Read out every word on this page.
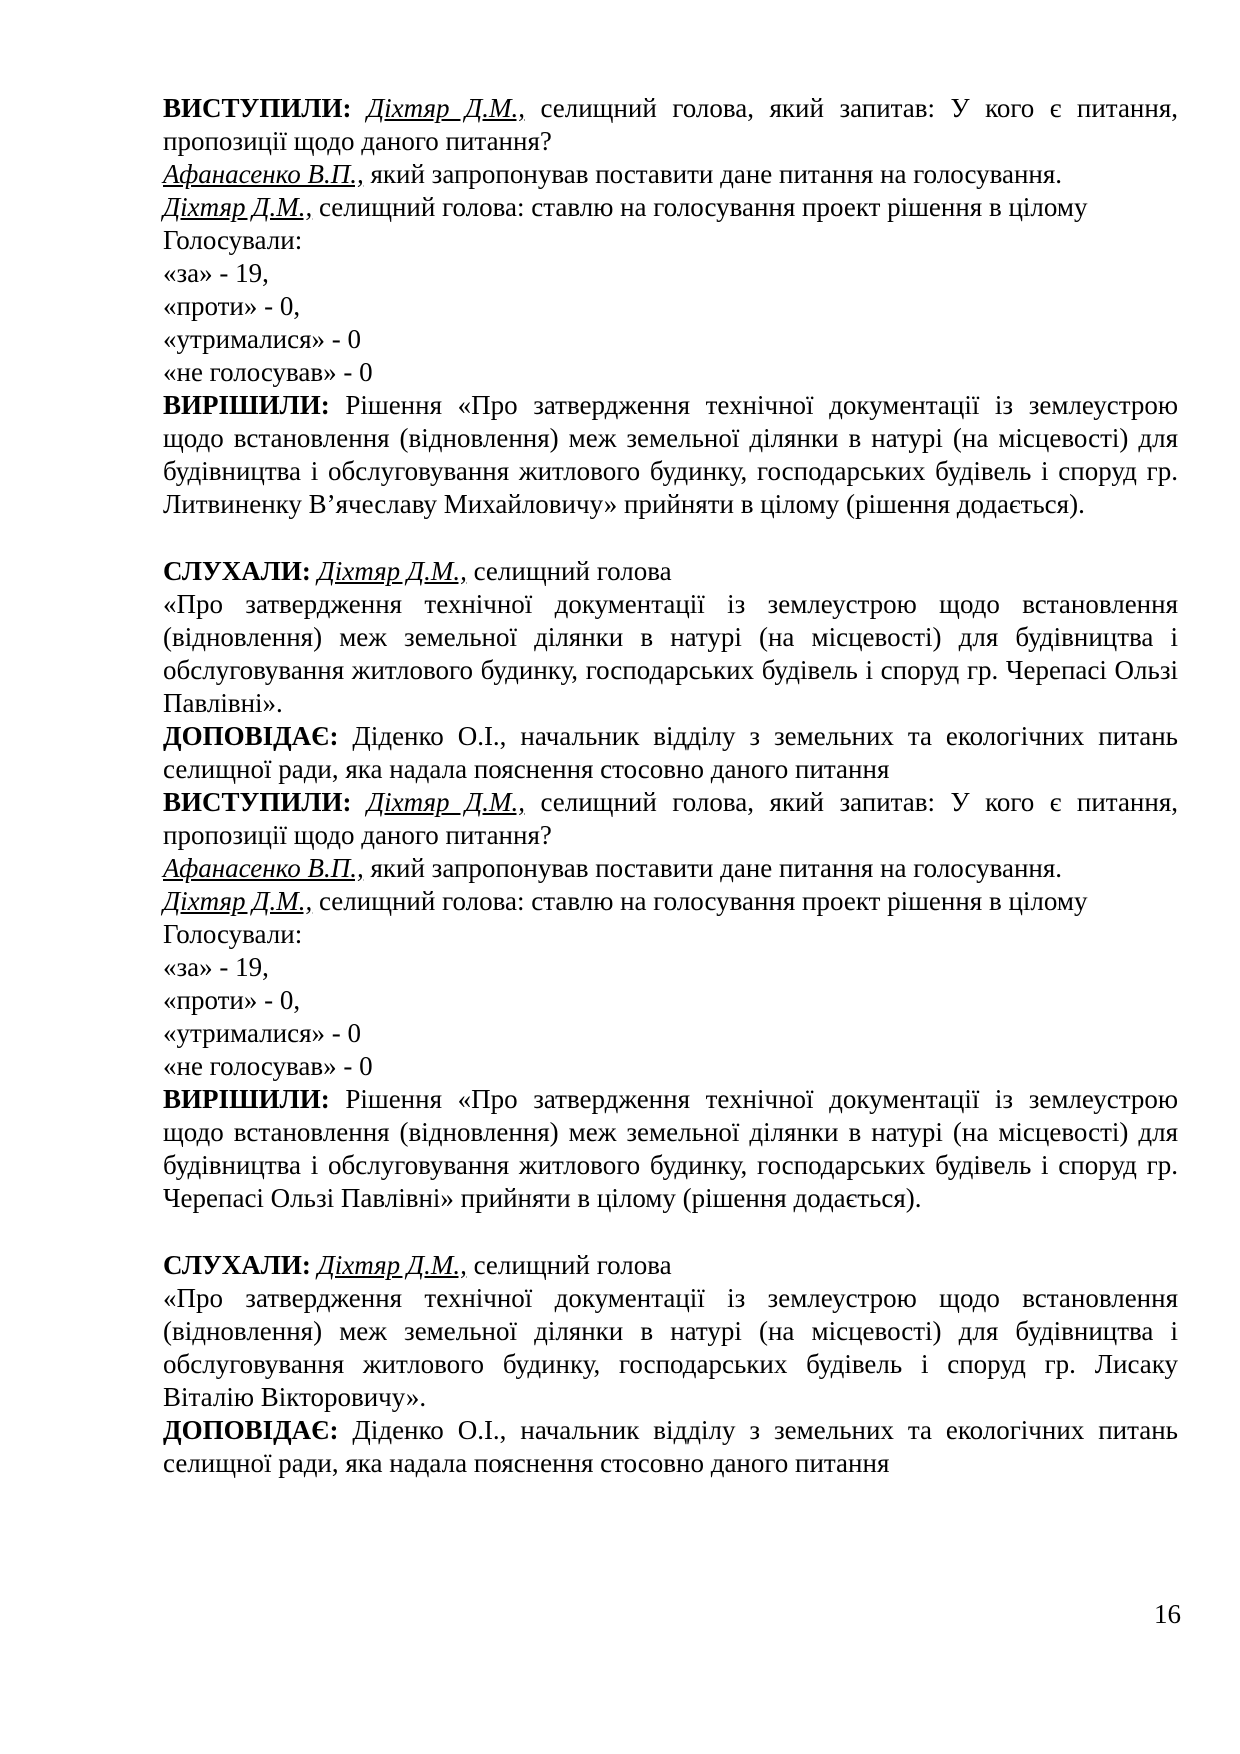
ВИСТУПИЛИ: Діхтяр Д.М., селищний голова, який запитав: У кого є питання, пропозиції щодо даного питання?

Афанасенко В.П., який запропонував поставити дане питання на голосування.

Діхтяр Д.М., селищний голова: ставлю на голосування проект рішення в цілому

Голосували:

«за» - 19,

«проти» - 0,

«утрималися» - 0

«не голосував» - 0

ВИРІШИЛИ: Рішення «Про затвердження технічної документації із землеустрою щодо встановлення (відновлення) меж земельної ділянки в натурі (на місцевості) для будівництва і обслуговування житлового будинку, господарських будівель і споруд гр. Литвиненку В’ячеславу Михайловичу» прийняти в цілому (рішення додається).

СЛУХАЛИ: Діхтяр Д.М., селищний голова

«Про затвердження технічної документації із землеустрою щодо встановлення (відновлення) меж земельної ділянки в натурі (на місцевості) для будівництва і обслуговування житлового будинку, господарських будівель і споруд гр. Черепасі Ользі Павлівні».

ДОПОВІДАЄ: Діденко О.І., начальник відділу з земельних та екологічних питань селищної ради, яка надала пояснення стосовно даного питання

ВИСТУПИЛИ: Діхтяр Д.М., селищний голова, який запитав: У кого є питання, пропозиції щодо даного питання?

Афанасенко В.П., який запропонував поставити дане питання на голосування.

Діхтяр Д.М., селищний голова: ставлю на голосування проект рішення в цілому

Голосували:

«за» - 19,

«проти» - 0,

«утрималися» - 0

«не голосував» - 0

ВИРІШИЛИ: Рішення «Про затвердження технічної документації із землеустрою щодо встановлення (відновлення) меж земельної ділянки в натурі (на місцевості) для будівництва і обслуговування житлового будинку, господарських будівель і споруд гр. Черепасі Ользі Павлівні» прийняти в цілому (рішення додається).

СЛУХАЛИ: Діхтяр Д.М., селищний голова

«Про затвердження технічної документації із землеустрою щодо встановлення (відновлення) меж земельної ділянки в натурі (на місцевості) для будівництва і обслуговування житлового будинку, господарських будівель і споруд гр. Лисаку Віталію Вікторовичу».

ДОПОВІДАЄ: Діденко О.І., начальник відділу з земельних та екологічних питань селищної ради, яка надала пояснення стосовно даного питання

16
